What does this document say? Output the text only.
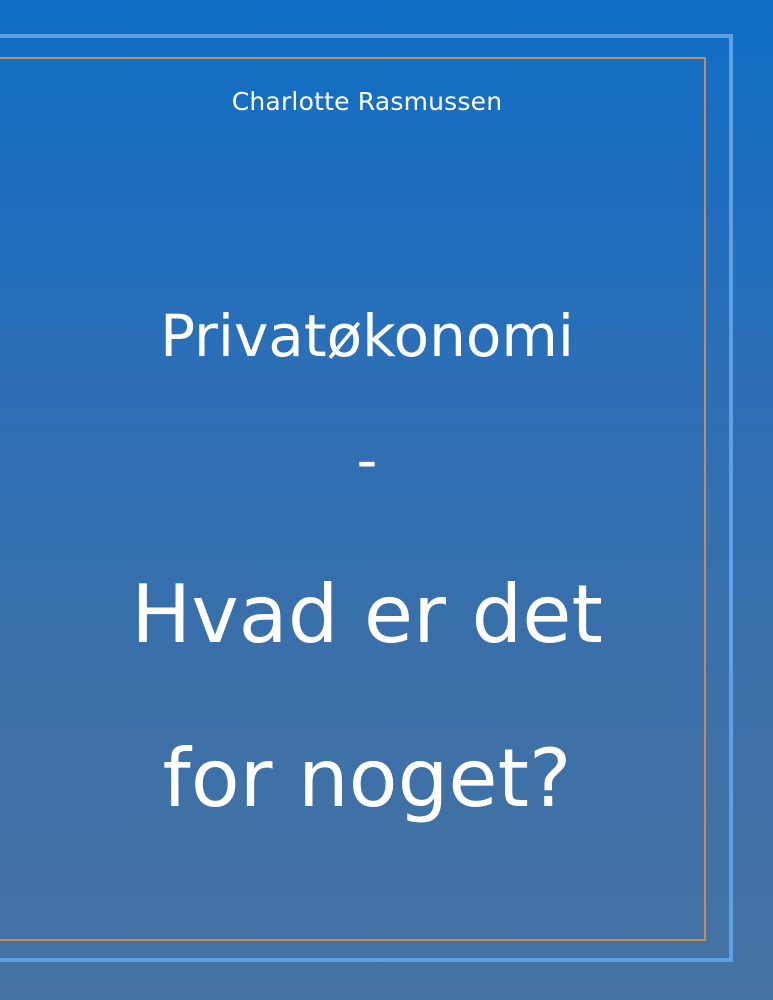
Charlotte Rasmussen
Privatøkonomi
-
Hvad er det
for noget?
